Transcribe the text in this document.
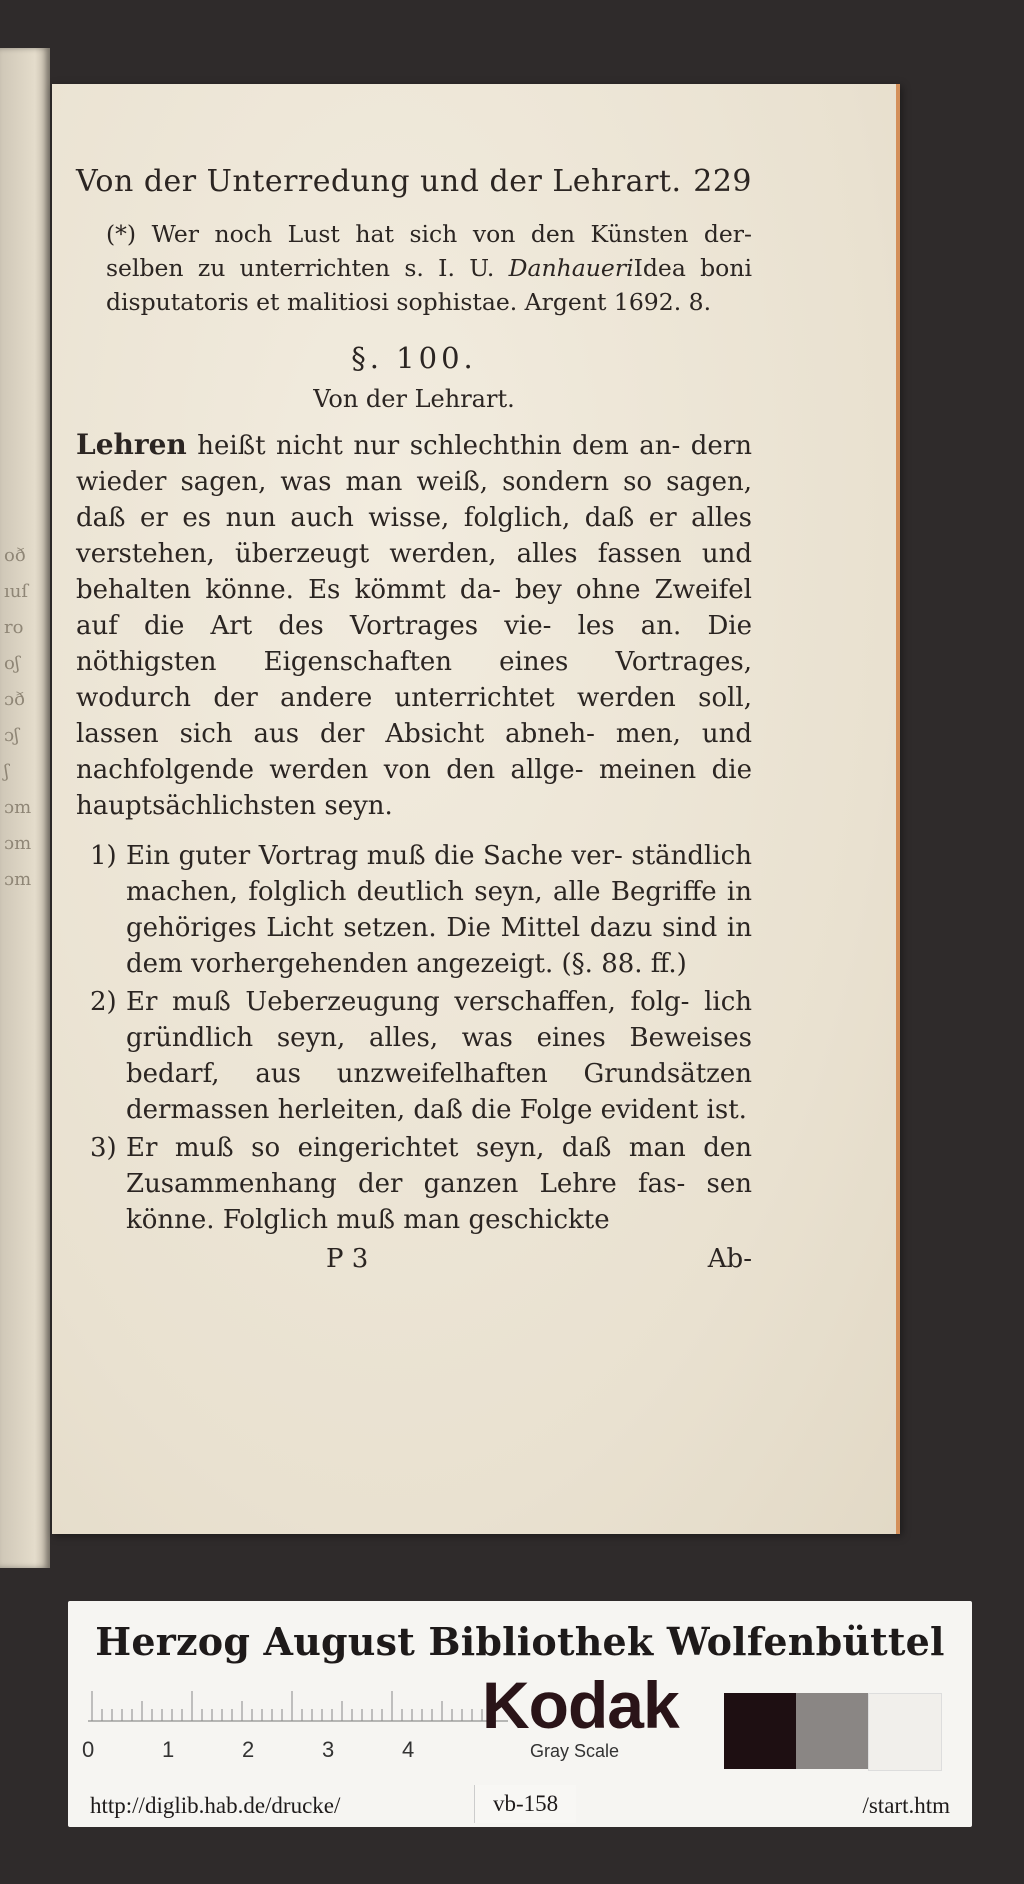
oð
ıuſ
ro
oʃ
ɔð
ɔʃ
ʃ
ɔm
ɔm
ɔm
Von der Unterredung und der Lehrart. 229
(*) Wer noch Lust hat sich von den Künsten der- selben zu unterrichten s. I. U. DanhaueriIdea boni disputatoris et malitiosi sophistae. Argent 1692. 8.
§. 100.
Von der Lehrart.
Lehren heißt nicht nur schlechthin dem an- dern wieder sagen, was man weiß, sondern so sagen, daß er es nun auch wisse, folglich, daß er alles verstehen, überzeugt werden, alles fassen und behalten könne. Es kömmt da- bey ohne Zweifel auf die Art des Vortrages vie- les an. Die nöthigsten Eigenschaften eines Vortrages, wodurch der andere unterrichtet werden soll, lassen sich aus der Absicht abneh- men, und nachfolgende werden von den allge- meinen die hauptsächlichsten seyn.
1) Ein guter Vortrag muß die Sache ver- ständlich machen, folglich deutlich seyn, alle Begriffe in gehöriges Licht setzen. Die Mittel dazu sind in dem vorhergehenden angezeigt. (§. 88. ff.)
2) Er muß Ueberzeugung verschaffen, folg- lich gründlich seyn, alles, was eines Beweises bedarf, aus unzweifelhaften Grundsätzen dermassen herleiten, daß die Folge evident ist.
3) Er muß so eingerichtet seyn, daß man den Zusammenhang der ganzen Lehre fas- sen könne. Folglich muß man geschickte
P 3	Ab-
Herzog August Bibliothek Wolfenbüttel
0	1	2	3	4
Kodak
Gray Scale
http://diglib.hab.de/drucke/	vb-158	/start.htm
